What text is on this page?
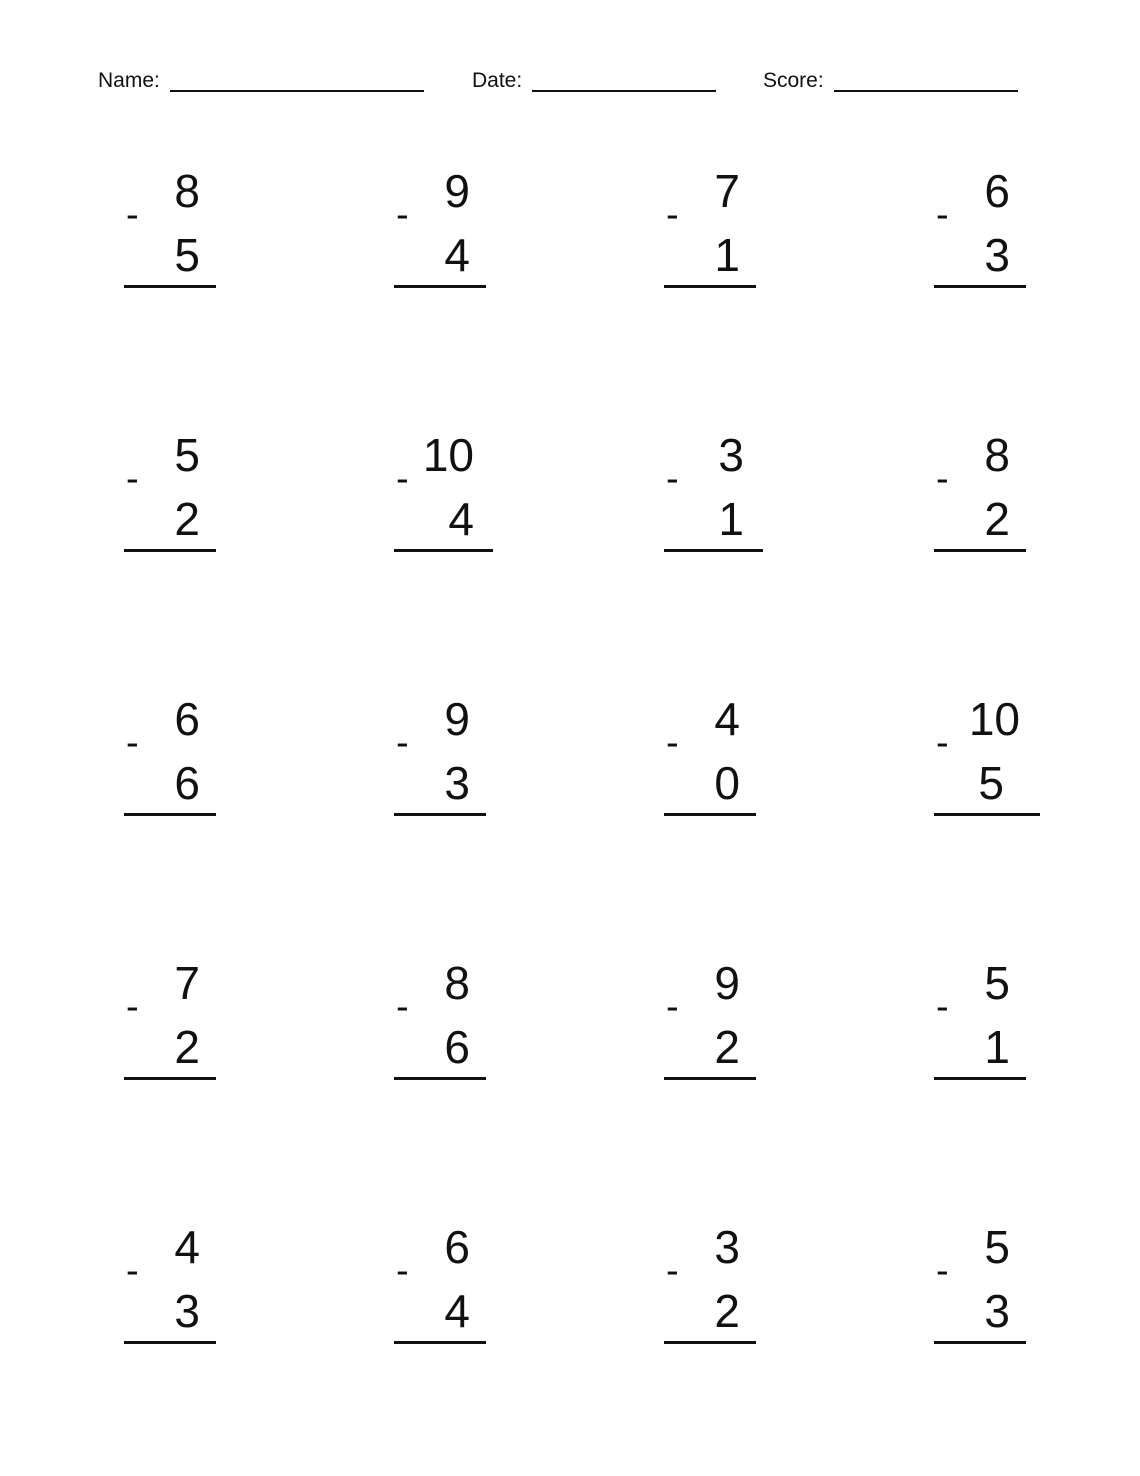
Name:	Date:	Score:
8
-
5
9
-
4
7
-
1
6
-
3
5
-
2
10
-
4
3
-
1
8
-
2
6
-
6
9
-
3
4
-
0
10
-
5
7
-
2
8
-
6
9
-
2
5
-
1
4
-
3
6
-
4
3
-
2
5
-
3
